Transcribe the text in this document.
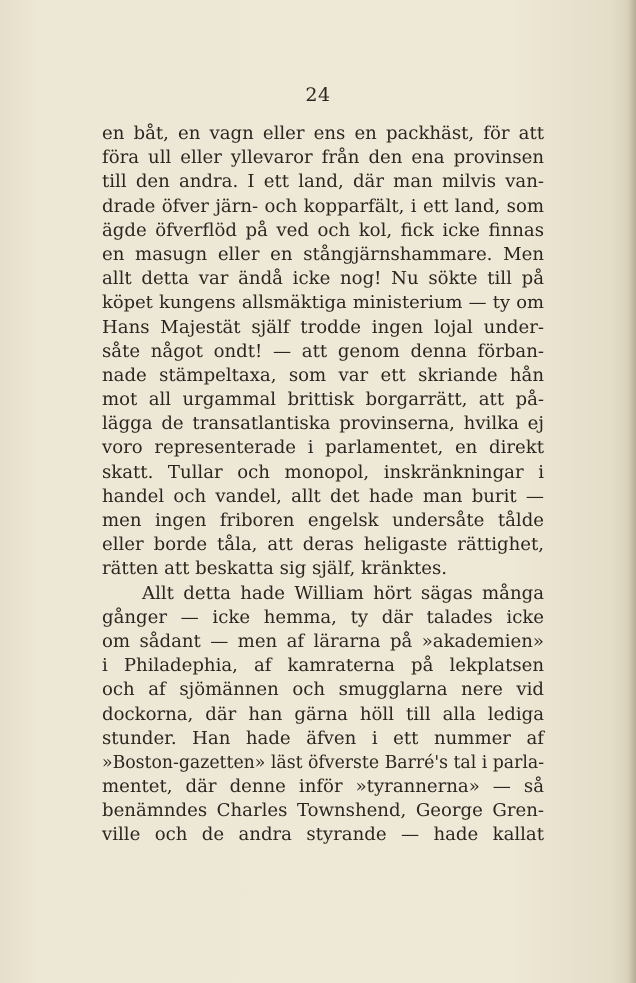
24
en båt, en vagn eller ens en packhäst, för att
föra ull eller yllevaror från den ena provinsen
till den andra. I ett land, där man milvis van-
drade öfver järn- och kopparfält, i ett land, som
ägde öfverflöd på ved och kol, fick icke finnas
en masugn eller en stångjärnshammare. Men
allt detta var ändå icke nog! Nu sökte till på
köpet kungens allsmäktiga ministerium — ty om
Hans Majestät själf trodde ingen lojal under-
såte något ondt! — att genom denna förban-
nade stämpeltaxa, som var ett skriande hån
mot all urgammal brittisk borgarrätt, att på-
lägga de transatlantiska provinserna, hvilka ej
voro representerade i parlamentet, en direkt
skatt. Tullar och monopol, inskränkningar i
handel och vandel, allt det hade man burit —
men ingen friboren engelsk undersåte tålde
eller borde tåla, att deras heligaste rättighet,
rätten att beskatta sig själf, kränktes.
Allt detta hade William hört sägas många
gånger — icke hemma, ty där talades icke
om sådant — men af lärarna på »akademien»
i Philadephia, af kamraterna på lekplatsen
och af sjömännen och smugglarna nere vid
dockorna, där han gärna höll till alla lediga
stunder. Han hade äfven i ett nummer af
»Boston-gazetten» läst öfverste Barré's tal i parla-
mentet, där denne inför »tyrannerna» — så
benämndes Charles Townshend, George Gren-
ville och de andra styrande — hade kallat
